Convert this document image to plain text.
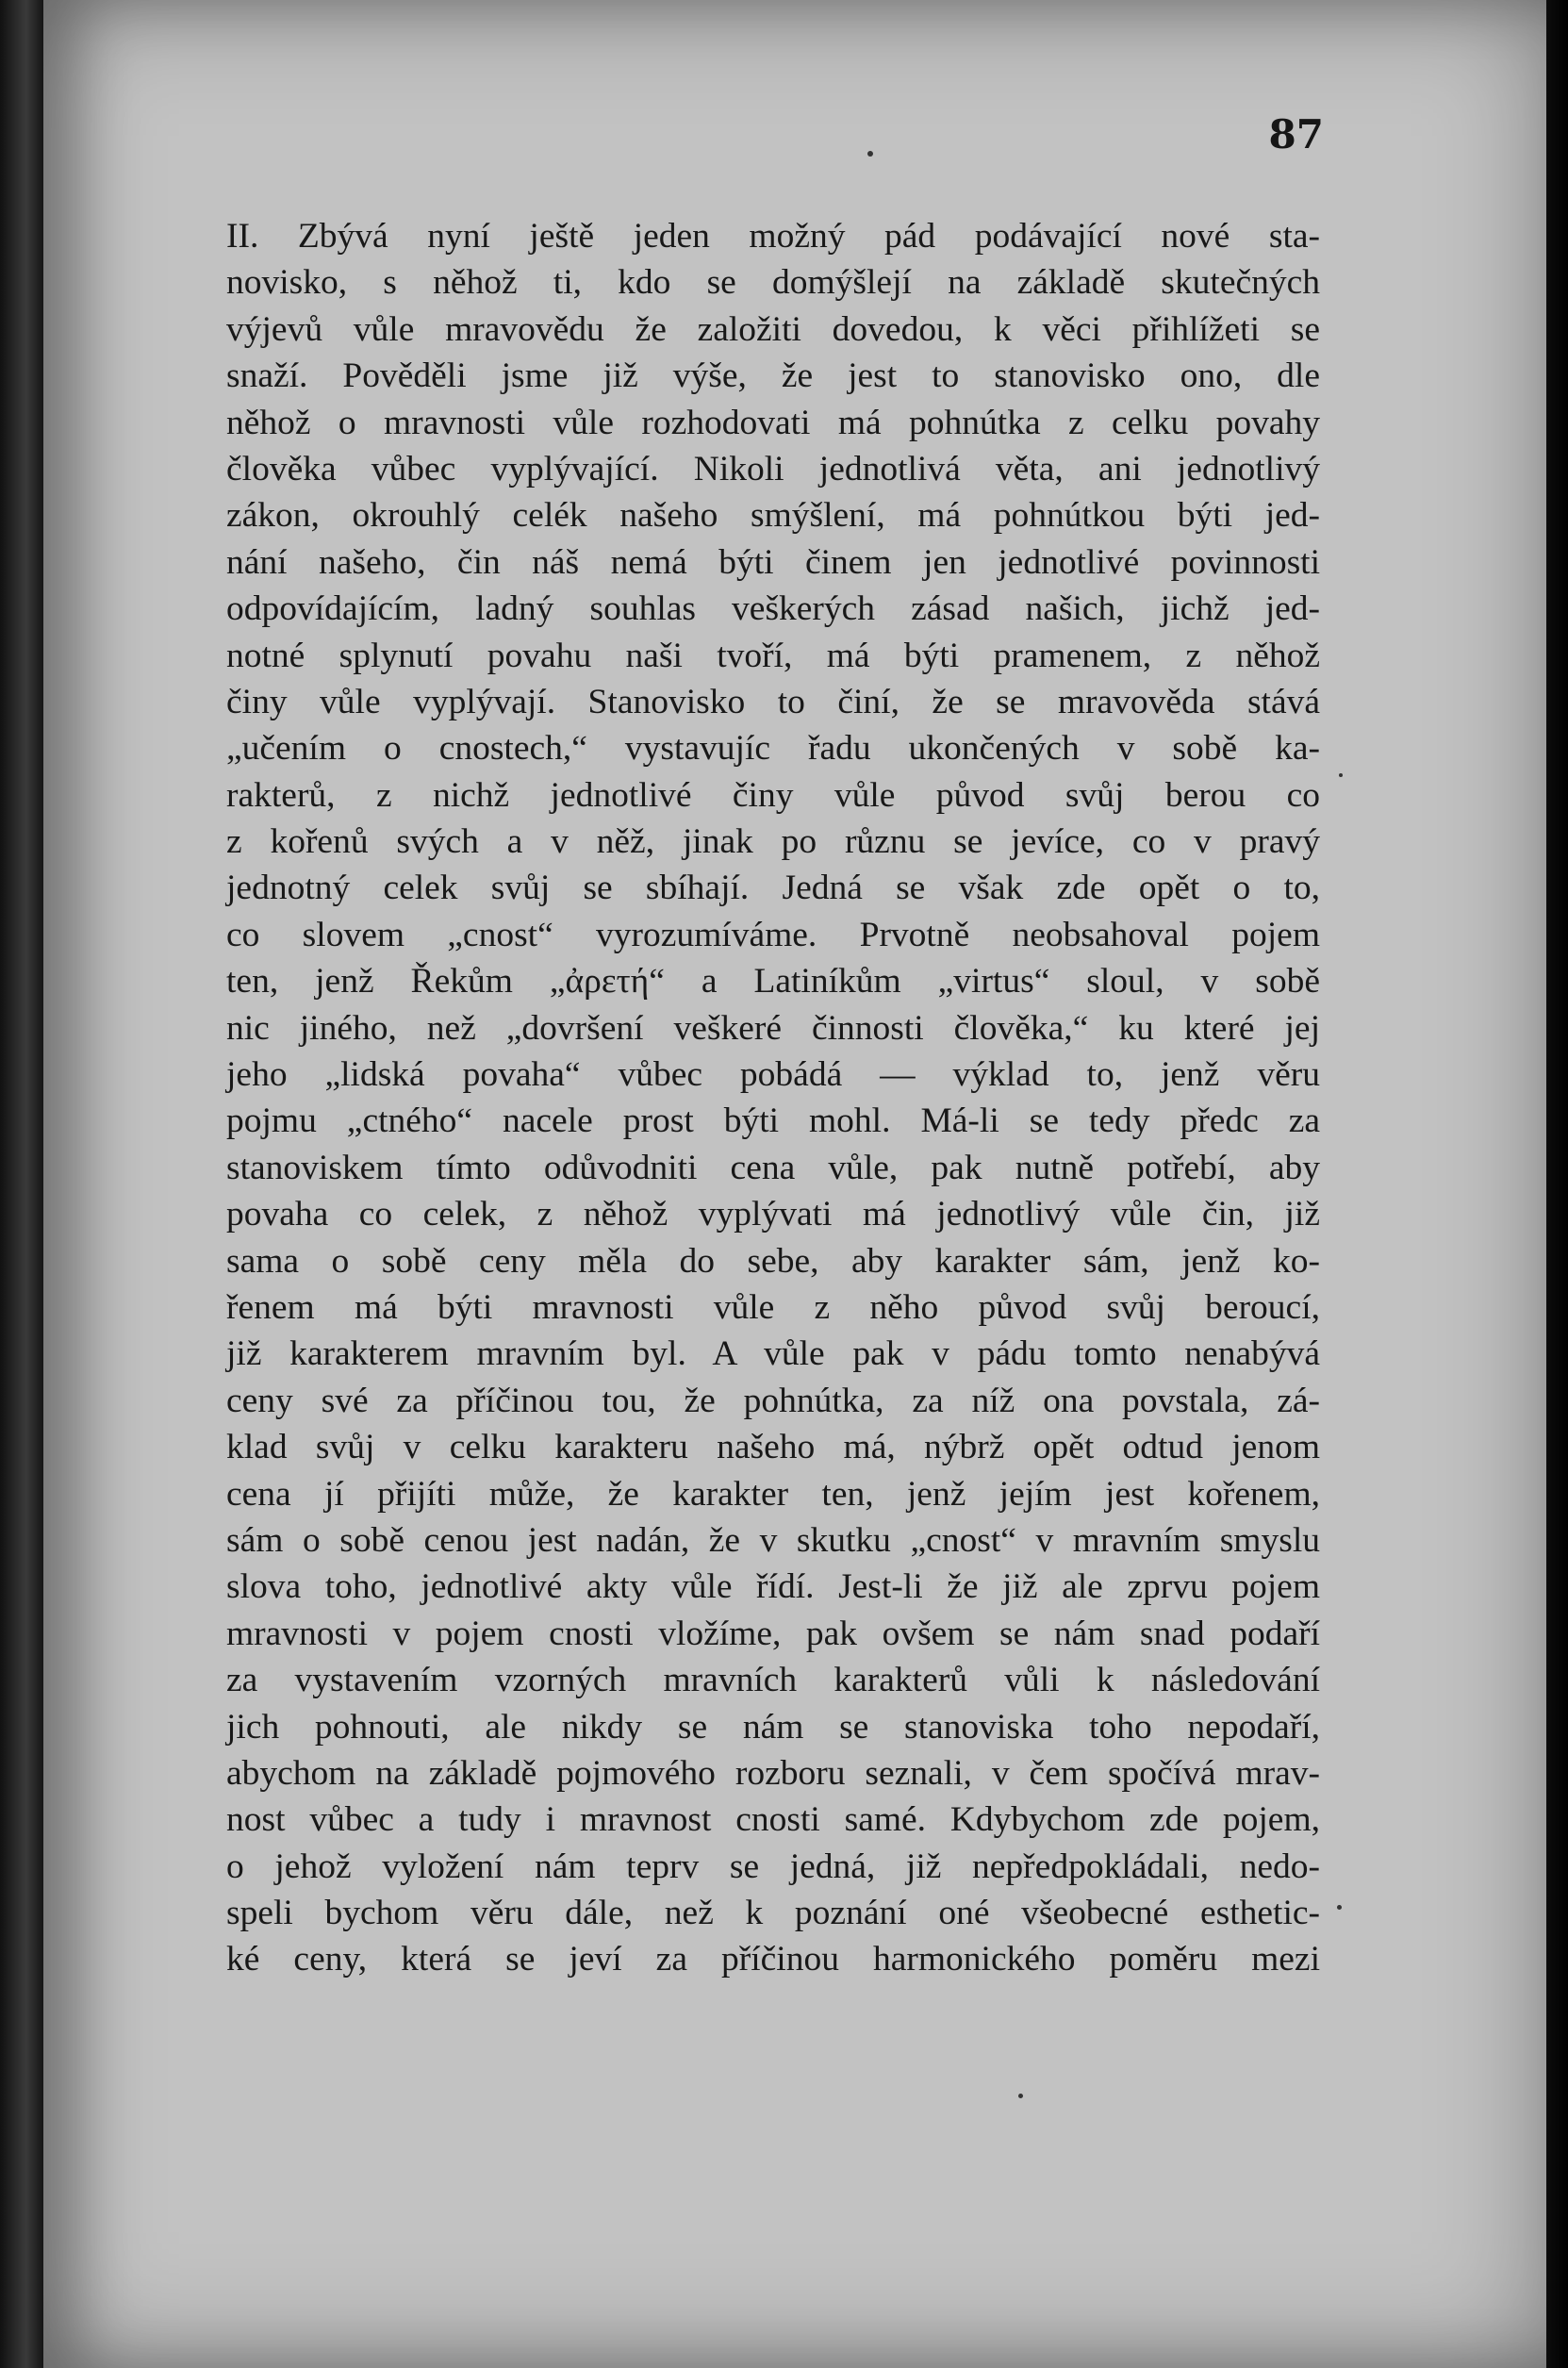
87
II. Zbývá nyní ještě jeden možný pád podávající nové sta-
novisko, s něhož ti, kdo se domýšlejí na základě skutečných
výjevů vůle mravovědu že založiti dovedou, k věci přihlížeti se
snaží. Pověděli jsme již výše, že jest to stanovisko ono, dle
něhož o mravnosti vůle rozhodovati má pohnútka z celku povahy
člověka vůbec vyplývající. Nikoli jednotlivá věta, ani jednotlivý
zákon, okrouhlý celék našeho smýšlení, má pohnútkou býti jed-
nání našeho, čin náš nemá býti činem jen jednotlivé povinnosti
odpovídajícím, ladný souhlas veškerých zásad našich, jichž jed-
notné splynutí povahu naši tvoří, má býti pramenem, z něhož
činy vůle vyplývají. Stanovisko to činí, že se mravověda stává
„učením o cnostech,“ vystavujíc řadu ukončených v sobě ka-
rakterů, z nichž jednotlivé činy vůle původ svůj berou co
z kořenů svých a v něž, jinak po různu se jevíce, co v pravý
jednotný celek svůj se sbíhají. Jedná se však zde opět o to,
co slovem „cnost“ vyrozumíváme. Prvotně neobsahoval pojem
ten, jenž Řekům „ἀρετή“ a Latiníkům „virtus“ sloul, v sobě
nic jiného, než „dovršení veškeré činnosti člověka,“ ku které jej
jeho „lidská povaha“ vůbec pobádá — výklad to, jenž věru
pojmu „ctného“ nacele prost býti mohl. Má-li se tedy předc za
stanoviskem tímto odůvodniti cena vůle, pak nutně potřebí, aby
povaha co celek, z něhož vyplývati má jednotlivý vůle čin, již
sama o sobě ceny měla do sebe, aby karakter sám, jenž ko-
řenem má býti mravnosti vůle z něho původ svůj beroucí,
již karakterem mravním byl. A vůle pak v pádu tomto nenabývá
ceny své za příčinou tou, že pohnútka, za níž ona povstala, zá-
klad svůj v celku karakteru našeho má, nýbrž opět odtud jenom
cena jí přijíti může, že karakter ten, jenž jejím jest kořenem,
sám o sobě cenou jest nadán, že v skutku „cnost“ v mravním smyslu
slova toho, jednotlivé akty vůle řídí. Jest-li že již ale zprvu pojem
mravnosti v pojem cnosti vložíme, pak ovšem se nám snad podaří
za vystavením vzorných mravních karakterů vůli k následování
jich pohnouti, ale nikdy se nám se stanoviska toho nepodaří,
abychom na základě pojmového rozboru seznali, v čem spočívá mrav-
nost vůbec a tudy i mravnost cnosti samé. Kdybychom zde pojem,
o jehož vyložení nám teprv se jedná, již nepředpokládali, nedo-
speli bychom věru dále, než k poznání oné všeobecné esthetic-
ké ceny, která se jeví za příčinou harmonického poměru mezi
